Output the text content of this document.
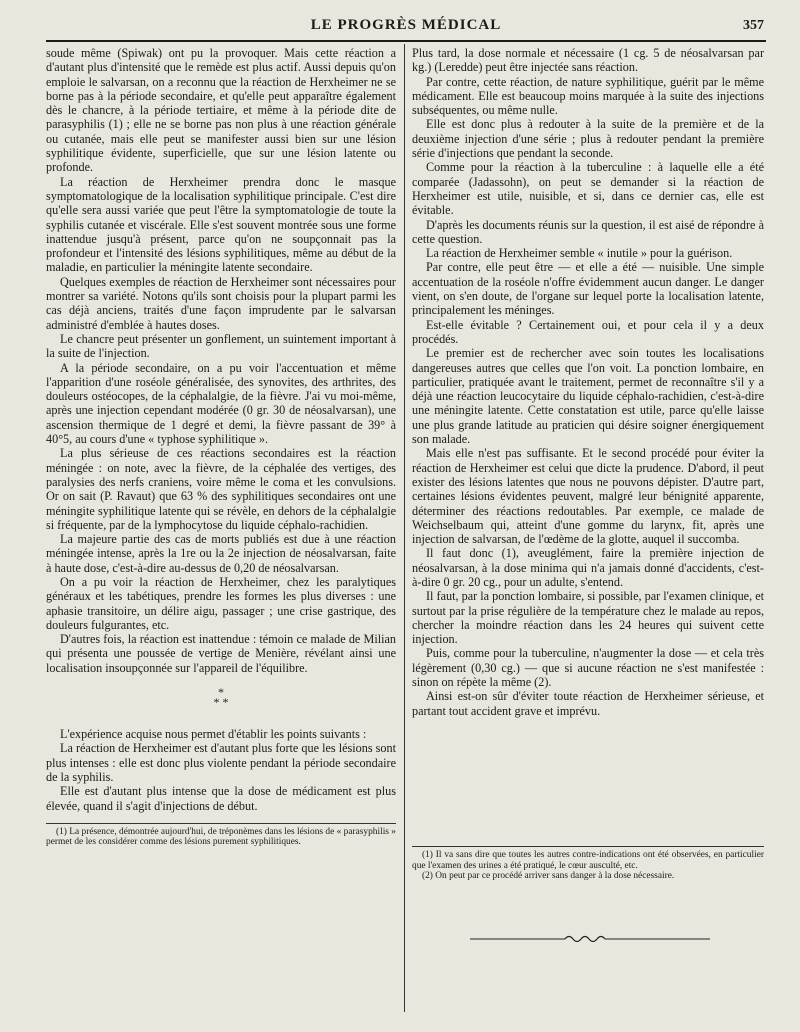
LE PROGRÈS MÉDICAL	357

soude même (Spiwak) ont pu la provoquer. Mais cette réaction a d'autant plus d'intensité que le remède est plus actif. Aussi depuis qu'on emploie le salvarsan, on a reconnu que la réaction de Herxheimer ne se borne pas à la période secondaire, et qu'elle peut apparaître également dès le chancre, à la période tertiaire, et même à la période dite de parasyphilis (1) ; elle ne se borne pas non plus à une réaction générale ou cutanée, mais elle peut se manifester aussi bien sur une lésion syphilitique évidente, superficielle, que sur une lésion latente ou profonde.

La réaction de Herxheimer prendra donc le masque symptomatologique de la localisation syphilitique principale. C'est dire qu'elle sera aussi variée que peut l'être la symptomatologie de toute la syphilis cutanée et viscérale. Elle s'est souvent montrée sous une forme inattendue jusqu'à présent, parce qu'on ne soupçonnait pas la profondeur et l'intensité des lésions syphilitiques, même au début de la maladie, en particulier la méningite latente secondaire.

Quelques exemples de réaction de Herxheimer sont nécessaires pour montrer sa variété. Notons qu'ils sont choisis pour la plupart parmi les cas déjà anciens, traités d'une façon imprudente par le salvarsan administré d'emblée à hautes doses.

Le chancre peut présenter un gonflement, un suintement important à la suite de l'injection.

A la période secondaire, on a pu voir l'accentuation et même l'apparition d'une roséole généralisée, des synovites, des arthrites, des douleurs ostéocopes, de la céphalalgie, de la fièvre. J'ai vu moi-même, après une injection cependant modérée (0 gr. 30 de néosalvarsan), une ascension thermique de 1 degré et demi, la fièvre passant de 39° à 40°5, au cours d'une « typhose syphilitique ».

La plus sérieuse de ces réactions secondaires est la réaction méningée : on note, avec la fièvre, de la céphalée des vertiges, des paralysies des nerfs craniens, voire même le coma et les convulsions. Or on sait (P. Ravaut) que 63 % des syphilitiques secondaires ont une méningite syphilitique latente qui se révèle, en dehors de la céphalalgie si fréquente, par de la lymphocytose du liquide céphalo-rachidien.

La majeure partie des cas de morts publiés est due à une réaction méningée intense, après la 1re ou la 2e injection de néosalvarsan, faite à haute dose, c'est-à-dire au-dessus de 0,20 de néosalvarsan.

On a pu voir la réaction de Herxheimer, chez les paralytiques généraux et les tabétiques, prendre les formes les plus diverses : une aphasie transitoire, un délire aigu, passager ; une crise gastrique, des douleurs fulgurantes, etc.

D'autres fois, la réaction est inattendue : témoin ce malade de Milian qui présenta une poussée de vertige de Menière, révélant ainsi une localisation insoupçonnée sur l'appareil de l'équilibre.

*
* *

L'expérience acquise nous permet d'établir les points suivants :

La réaction de Herxheimer est d'autant plus forte que les lésions sont plus intenses : elle est donc plus violente pendant la période secondaire de la syphilis.

Elle est d'autant plus intense que la dose de médicament est plus élevée, quand il s'agit d'injections de début.

(1) La présence, démontrée aujourd'hui, de tréponèmes dans les lésions de « parasyphilis » permet de les considérer comme des lésions purement syphilitiques.

Plus tard, la dose normale et nécessaire (1 cg. 5 de néosalvarsan par kg.) (Leredde) peut être injectée sans réaction.

Par contre, cette réaction, de nature syphilitique, guérit par le même médicament. Elle est beaucoup moins marquée à la suite des injections subséquentes, ou même nulle.

Elle est donc plus à redouter à la suite de la première et de la deuxième injection d'une série ; plus à redouter pendant la première série d'injections que pendant la seconde.

Comme pour la réaction à la tuberculine : à laquelle elle a été comparée (Jadassohn), on peut se demander si la réaction de Herxheimer est utile, nuisible, et si, dans ce dernier cas, elle est évitable.

D'après les documents réunis sur la question, il est aisé de répondre à cette question.

La réaction de Herxheimer semble « inutile » pour la guérison.

Par contre, elle peut être — et elle a été — nuisible. Une simple accentuation de la roséole n'offre évidemment aucun danger. Le danger vient, on s'en doute, de l'organe sur lequel porte la localisation latente, principalement les méninges.

Est-elle évitable ? Certainement oui, et pour cela il y a deux procédés.

Le premier est de rechercher avec soin toutes les localisations dangereuses autres que celles que l'on voit. La ponction lombaire, en particulier, pratiquée avant le traitement, permet de reconnaître s'il y a déjà une réaction leucocytaire du liquide céphalo-rachidien, c'est-à-dire une méningite latente. Cette constatation est utile, parce qu'elle laisse une plus grande latitude au praticien qui désire soigner énergiquement son malade.

Mais elle n'est pas suffisante. Et le second procédé pour éviter la réaction de Herxheimer est celui que dicte la prudence. D'abord, il peut exister des lésions latentes que nous ne pouvons dépister. D'autre part, certaines lésions évidentes peuvent, malgré leur bénignité apparente, déterminer des réactions redoutables. Par exemple, ce malade de Weichselbaum qui, atteint d'une gomme du larynx, fit, après une injection de salvarsan, de l'œdème de la glotte, auquel il succomba.

Il faut donc (1), aveuglément, faire la première injection de néosalvarsan, à la dose minima qui n'a jamais donné d'accidents, c'est-à-dire 0 gr. 20 cg., pour un adulte, s'entend.

Il faut, par la ponction lombaire, si possible, par l'examen clinique, et surtout par la prise régulière de la température chez le malade au repos, chercher la moindre réaction dans les 24 heures qui suivent cette injection.

Puis, comme pour la tuberculine, n'augmenter la dose — et cela très légèrement (0,30 cg.) — que si aucune réaction ne s'est manifestée : sinon on répète la même (2).

Ainsi est-on sûr d'éviter toute réaction de Herxheimer sérieuse, et partant tout accident grave et imprévu.

(1) Il va sans dire que toutes les autres contre-indications ont été observées, en particulier que l'examen des urines a été pratiqué, le cœur ausculté, etc.

(2) On peut par ce procédé arriver sans danger à la dose nécessaire.
